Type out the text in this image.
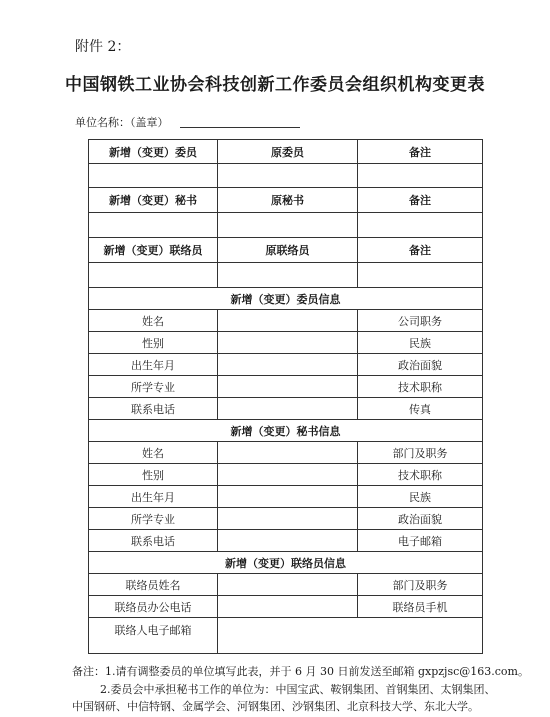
附件 2：
中国钢铁工业协会科技创新工作委员会组织机构变更表
单位名称：（盖章）
新增（变更）委员	原委员	备注

新增（变更）秘书	原秘书	备注

新增（变更）联络员	原联络员	备注

新增（变更）委员信息		
姓名		公司职务
性别		民族
出生年月		政治面貌
所学专业		技术职称
联系电话		传真
新增（变更）秘书信息		
姓名		部门及职务
性别		技术职称
出生年月		民族
所学专业		政治面貌
联系电话		电子邮箱
新增（变更）联络员信息		
联络员姓名		部门及职务
联络员办公电话		联络员手机
联络人电子邮箱		
备注：1.请有调整委员的单位填写此表，并于 6 月 30 日前发送至邮箱 gxpzjsc@163.com。
2.委员会中承担秘书工作的单位为：中国宝武、鞍钢集团、首钢集团、太钢集团、
中国钢研、中信特钢、金属学会、河钢集团、沙钢集团、北京科技大学、东北大学。
